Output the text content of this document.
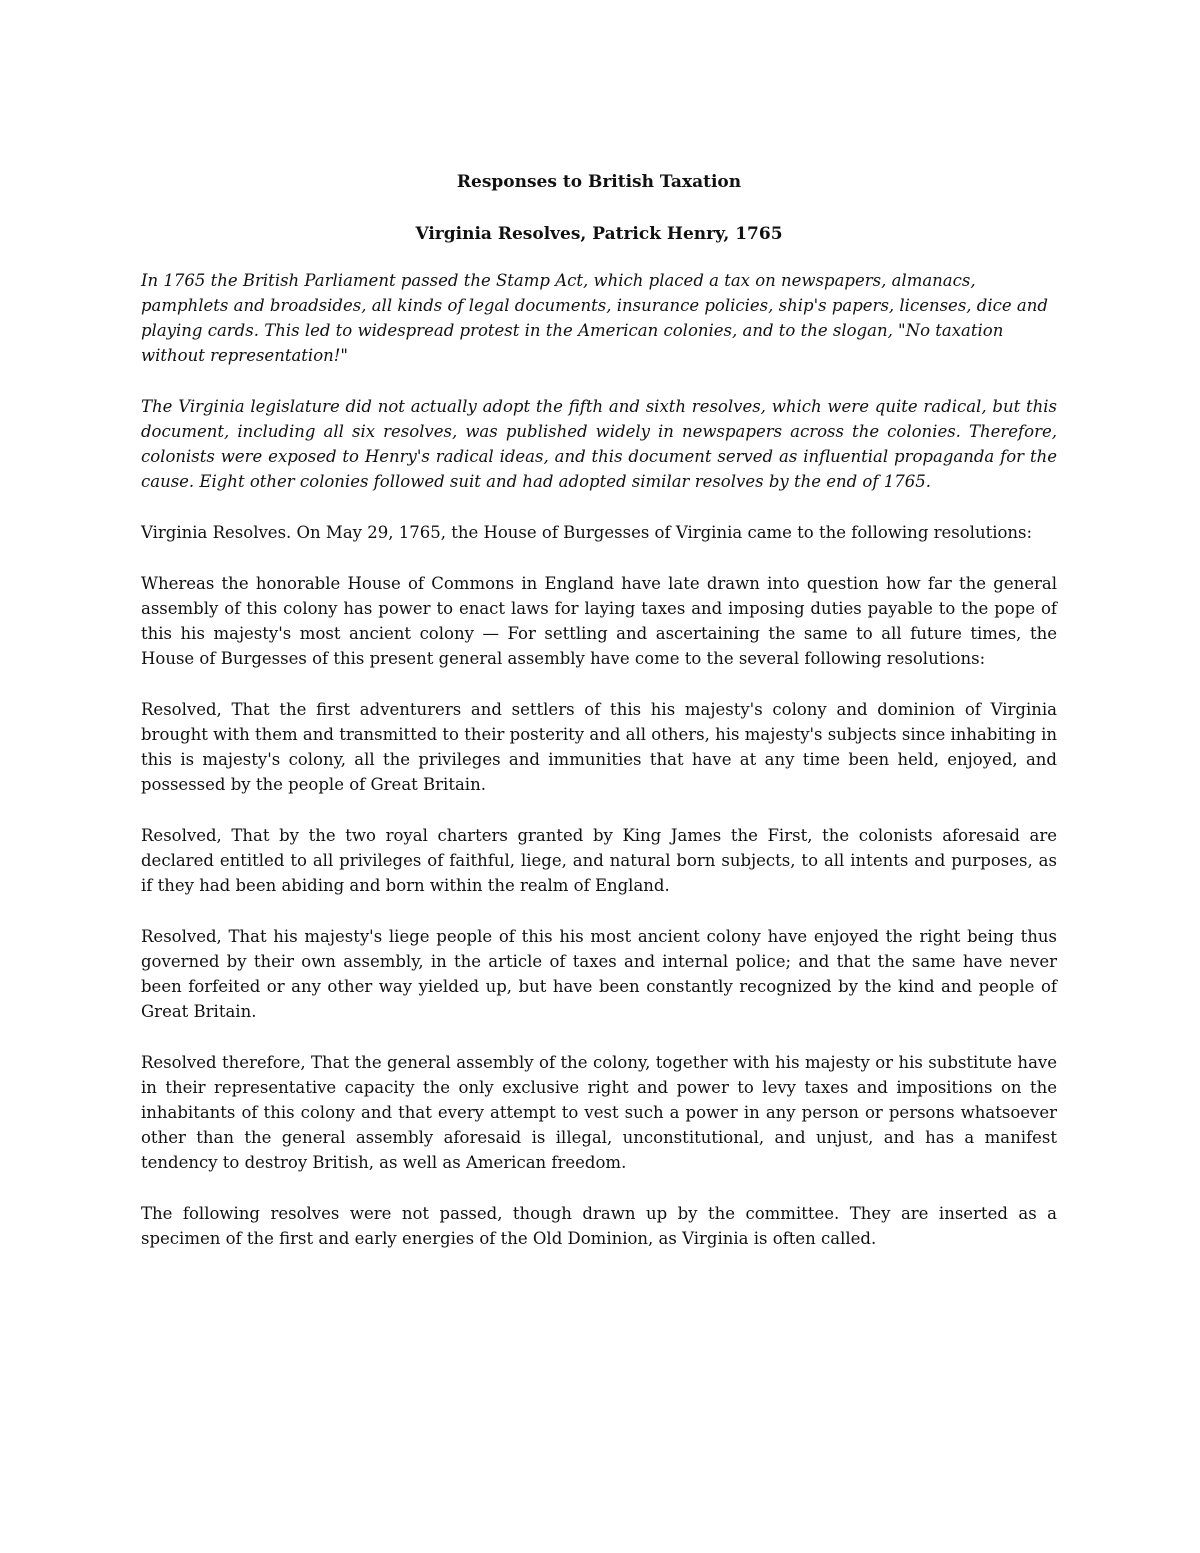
Responses to British Taxation
Virginia Resolves, Patrick Henry, 1765

In 1765 the British Parliament passed the Stamp Act, which placed a tax on newspapers, almanacs, pamphlets and broadsides, all kinds of legal documents, insurance policies, ship's papers, licenses, dice and playing cards. This led to widespread protest in the American colonies, and to the slogan, "No taxation without representation!"

The Virginia legislature did not actually adopt the fifth and sixth resolves, which were quite radical, but this document, including all six resolves, was published widely in newspapers across the colonies. Therefore, colonists were exposed to Henry's radical ideas, and this document served as influential propaganda for the cause. Eight other colonies followed suit and had adopted similar resolves by the end of 1765.

Virginia Resolves. On May 29, 1765, the House of Burgesses of Virginia came to the following resolutions:

Whereas the honorable House of Commons in England have late drawn into question how far the general assembly of this colony has power to enact laws for laying taxes and imposing duties payable to the pope of this his majesty's most ancient colony — For settling and ascertaining the same to all future times, the House of Burgesses of this present general assembly have come to the several following resolutions:

Resolved, That the first adventurers and settlers of this his majesty's colony and dominion of Virginia brought with them and transmitted to their posterity and all others, his majesty's subjects since inhabiting in this is majesty's colony, all the privileges and immunities that have at any time been held, enjoyed, and possessed by the people of Great Britain.

Resolved, That by the two royal charters granted by King James the First, the colonists aforesaid are declared entitled to all privileges of faithful, liege, and natural born subjects, to all intents and purposes, as if they had been abiding and born within the realm of England.

Resolved, That his majesty's liege people of this his most ancient colony have enjoyed the right being thus governed by their own assembly, in the article of taxes and internal police; and that the same have never been forfeited or any other way yielded up, but have been constantly recognized by the kind and people of Great Britain.

Resolved therefore, That the general assembly of the colony, together with his majesty or his substitute have in their representative capacity the only exclusive right and power to levy taxes and impositions on the inhabitants of this colony and that every attempt to vest such a power in any person or persons whatsoever other than the general assembly aforesaid is illegal, unconstitutional, and unjust, and has a manifest tendency to destroy British, as well as American freedom.

The following resolves were not passed, though drawn up by the committee. They are inserted as a specimen of the first and early energies of the Old Dominion, as Virginia is often called.
